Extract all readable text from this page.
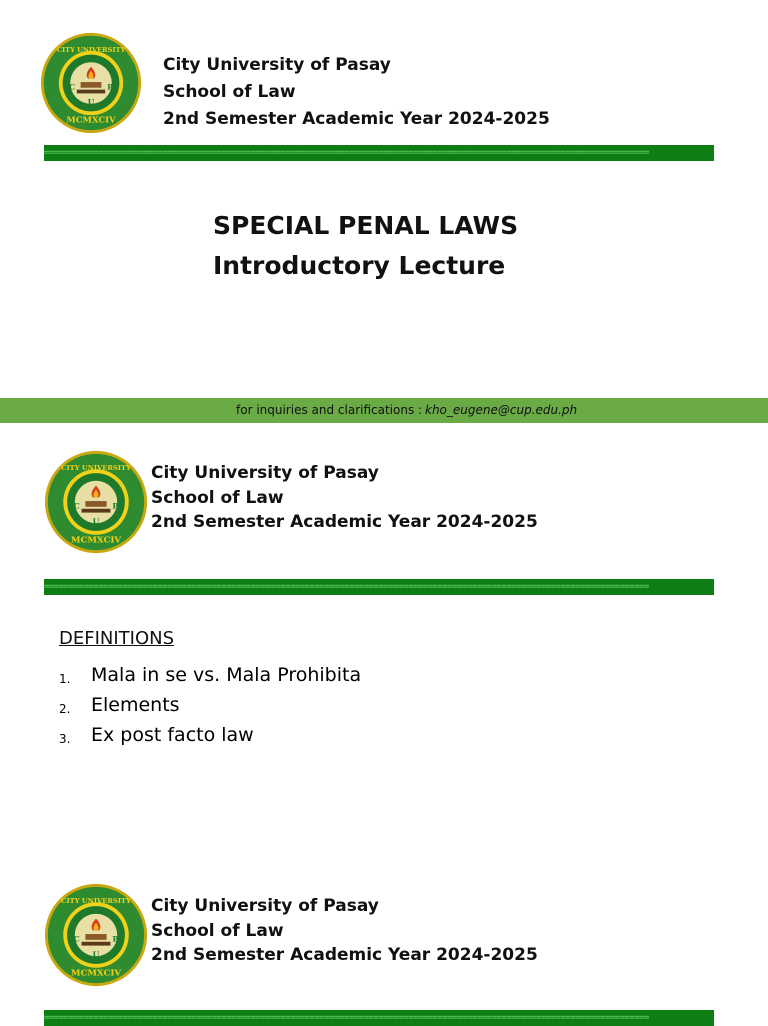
City University of Pasay
School of Law
2nd Semester Academic Year 2024-2025
===========================================================================================================================
SPECIAL PENAL LAWS
Introductory Lecture
for inquiries and clarifications : kho_eugene@cup.edu.ph
City University of Pasay
School of Law
2nd Semester Academic Year 2024-2025
===========================================================================================================================
DEFINITIONS
1. Mala in se vs. Mala Prohibita
2. Elements
3. Ex post facto law
City University of Pasay
School of Law
2nd Semester Academic Year 2024-2025
===========================================================================================================================
